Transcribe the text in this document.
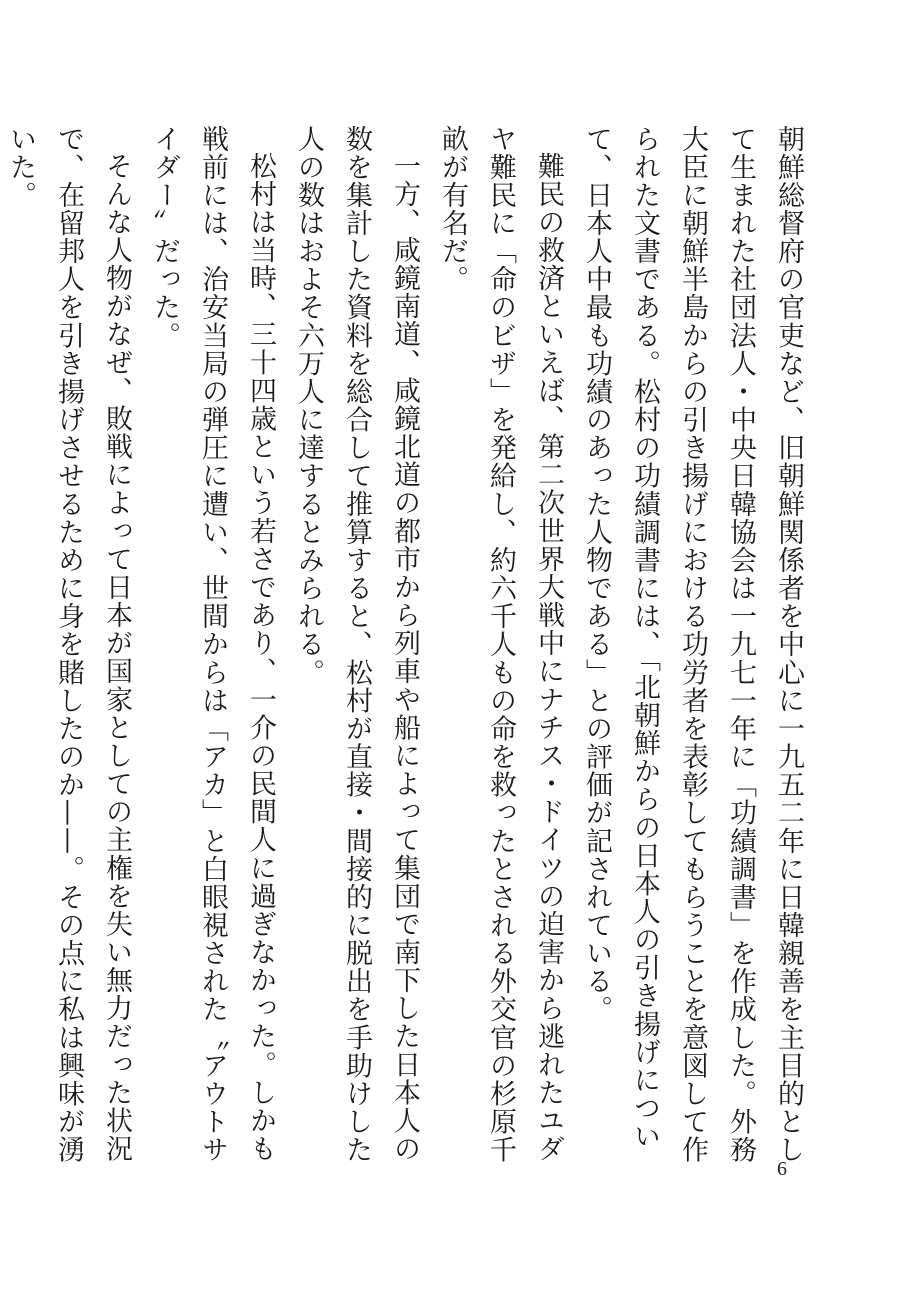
朝鮮総督府の官吏など、旧朝鮮関係者を中心に一九五二年に日韓親善を主目的として生まれた社団法人・中央日韓協会は一九七一年に「功績調書」を作成した。外務大臣に朝鮮半島からの引き揚げにおける功労者を表彰してもらうことを意図して作られた文書である。松村の功績調書には、「北朝鮮からの日本人の引き揚げについて、日本人中最も功績のあった人物である」との評価が記されている。

難民の救済といえば、第二次世界大戦中にナチス・ドイツの迫害から逃れたユダヤ難民に「命のビザ」を発給し、約六千人もの命を救ったとされる外交官の杉原千畝が有名だ。

一方、咸鏡南道、咸鏡北道の都市から列車や船によって集団で南下した日本人の数を集計した資料を総合して推算すると、松村が直接・間接的に脱出を手助けした人の数はおよそ六万人に達するとみられる。

松村は当時、三十四歳という若さであり、一介の民間人に過ぎなかった。しかも戦前には、治安当局の弾圧に遭い、世間からは「アカ」と白眼視された〝アウトサイダー〟だった。

そんな人物がなぜ、敗戦によって日本が国家としての主権を失い無力だった状況で、在留邦人を引き揚げさせるために身を賭したのか——。その点に私は興味が湧いた。

6
